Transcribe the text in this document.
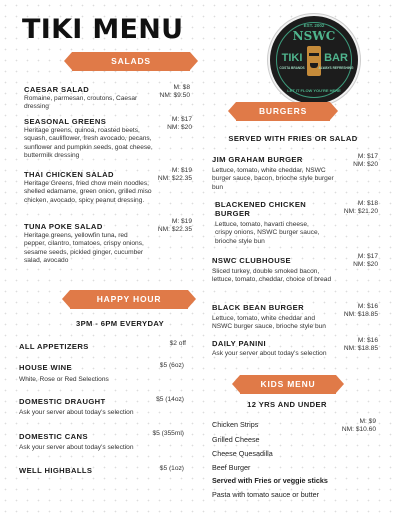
TIKI MENU	EST. 2002
NSWC
TIKI	BAR
COSTA BRANDS	ALWAYS REFRESHING
LET IT FLOW YOU'RE HERE
SALADS
CAESAR SALAD
Romaine, parmesan, croutons, Caesar dressing
M: $8
NM: $9.50
SEASONAL GREENS
Heritage greens, quinoa, roasted beets, squash, cauliflower, fresh avocado, pecans, sunflower and pumpkin seeds, goat cheese, buttermilk dressing
M: $17
NM: $20
THAI CHICKEN SALAD
Heritage Greens, fried chow mein noodles, shelled edamame, green onion, grilled miso chicken, avocado, spicy peanut dressing.
M: $19
NM: $22.35
TUNA POKE SALAD
Heritage greens, yellowfin tuna, red pepper, cilantro, tomatoes, crispy onions, sesame seeds, pickled ginger, cucumber salad, avocado
M: $19
NM: $22.35
HAPPY HOUR
3PM - 6PM EVERYDAY
ALL APPETIZERS	$2 off
HOUSE WINE
White, Rose or Red Selections
$5 (6oz)
DOMESTIC DRAUGHT
Ask your server about today's selection
$5 (14oz)
DOMESTIC CANS
Ask your server about today's selection
$5 (355ml)
WELL HIGHBALLS	$5 (1oz)
BURGERS
SERVED WITH FRIES OR SALAD
JIM GRAHAM BURGER
Lettuce, tomato, white cheddar, NSWC burger sauce, bacon, brioche style burger bun
M: $17
NM: $20
BLACKENED CHICKEN BURGER
Lettuce, tomato, havarti cheese, crispy onions, NSWC burger sauce, brioche style bun
M: $18
NM: $21.20
NSWC CLUBHOUSE
Sliced turkey, double smoked bacon, lettuce, tomato, cheddar, choice of bread
M: $17
NM: $20
BLACK BEAN BURGER
Lettuce, tomato, white cheddar and NSWC burger sauce, brioche style bun
M: $16
NM: $18.85
DAILY PANINI
Ask your server about today's selection
M: $16
NM: $18.85
KIDS MENU
12 YRS AND UNDER
Chicken Strips
Grilled Cheese
Cheese Quesadilla
Beef Burger
Served with Fries or veggie sticks
Pasta with tomato sauce or butter
M: $9
NM: $10.60
